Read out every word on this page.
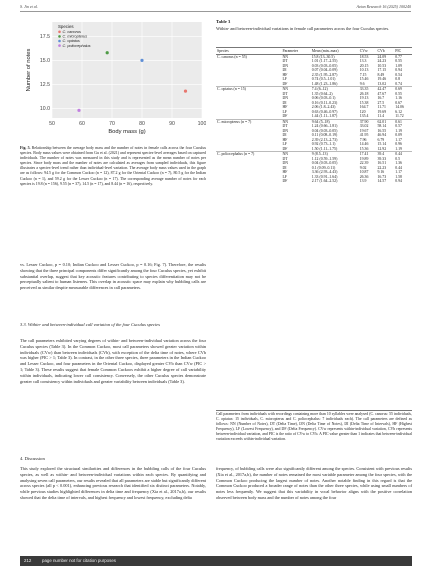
S. Jin et al.	Avian Research 16 (2025) 100240
50	60	70	80	90	100
10.0
12.5
15.0
17.5
Body mass (g)
Number of notes
Species
C. canorus
C. micropterus
C. optatus
C. poliocephalus
Fig. 5. Relationship between the average body mass and the number of notes in female calls across the four Cuculus species. Body mass values were obtained from Gu et al. (2021) and represent species-level averages based on captured individuals. The number of notes was measured in this study and is represented as the mean number of notes per species. Since body mass and the number of notes are calculated as averages from sampled individuals, this figure illustrates a species-level trend rather than individual-level variation. The average body mass values used in the graph are as follows: 94.5 g for the Common Cuckoo (n = 12), 87.2 g for the Oriental Cuckoo (n = 7), 80.5 g for the Indian Cuckoo (n = 1), and 59.2 g for the Lesser Cuckoo (n = 17). The corresponding average number of notes for each species is 19.8 (n = 156), 9.55 (n = 37), 14.5 (n = 17), and 8.44 (n = 16), respectively.
vs. Lesser Cuckoo, p = 0.10; Indian Cuckoo and Lesser Cuckoo, p = 0.16; Fig. 7). Therefore, the results showing that the three principal components differ significantly among the four Cuculus species, yet exhibit substantial overlap, suggest that key acoustic features contributing to species differentiation may not be perceptually salient to human listeners. This overlap in acoustic space may explain why bubbling calls are perceived as similar despite measurable differences in call parameters.
3.3. Within- and between-individual call variation of the four Cuculus species
The call parameters exhibited varying degrees of within- and between-individual variation across the four Cuculus species (Table 3). In the Common Cuckoo, most call parameters showed greater variation within individuals (CVw) than between individuals (CVb), with exception of the delta time of notes, where CVb was higher (PIC > 1; Table 3). In contrast, in the other three species, three parameters in the Indian Cuckoo and Lesser Cuckoo, and four parameters in the Oriental Cuckoo, displayed greater CVb than CVw (PIC > 1; Table 3). These results suggest that female Common Cuckoos exhibit a higher degree of call variability within individuals, indicating lower call consistency. Conversely, the other Cuculus species demonstrate greater call consistency within individuals and greater variability between individuals (Table 3).
4. Discussion
This study explored the structural similarities and differences in the bubbling calls of the four Cuculus species, as well as within- and between-individual variations within each species. By quantifying and analysing seven call parameters, our results revealed that all parameters are stable but significantly different across species (all p < 0.001), enhancing previous research that identified six distinct parameters. Notably, while previous studies highlighted differences in delta time and frequency (Xia et al., 2017a,b), our results showed that the delta time of intervals, and highest frequency and lowest frequency, excluding delta
Table 3
Within- and between-individual variations in female call parameters across the four Cuculus species.
Species	Parameter	Mean (min–max)	CVw	CVb	PIC
C. canorus (n = 55)	NN	15.8 (13–30.5)	18.53	24.09	0.77
	DT	1.01 (1.17–2.55)	13.3	24.23	0.55
	DN	0.03 (0.03–0.05)	20.15	10.53	1.09
	DI	0.07 (0.04–0.09)	10.13	17.15	0.94
	HF	2.35 (1.95–2.87)	7.15	8.49	0.54
	LF	0.74 (0.5–1.01)	15.46	19.46	0.8
	DF	1.48 (1.23–1.86)	9.6	13.02	0.74
C. optatus (n = 15)	NN	7.4 (6–12)	33.35	42.47	0.69
	DT	1.35 (0.64–2)	26.18	47.67	0.55
	DN	0.06 (0.03–0.1)	19.13	16.7	1.16
	DI	0.16 (0.11–0.23)	15.38	27.5	0.67
	HF	2.06 (1.8–2.43)	164.7	11.71	14.06
	LF	0.63 (0.46–0.97)	120	19.69	6.12
	DF	1.44 (1.11–1.87)	135.4	11.4	11.72
C. micropterus (n = 7)	NN	9.64 (5–18)	37.90	62.01	0.61
	DT	1.24 (0.66–1.81)	33.02	58.14	0.57
	DN	0.04 (0.03–0.05)	19.67	16.55	1.19
	DI	0.11 (0.08–0.19)	41.95	46.94	0.09
	HF	2.39 (2.13–2.73)	7.96	6.79	1.17
	LF	0.92 (0.73–1.1)	14.46	15.14	0.96
	DF	1.50 (1.11–1.75)	15.36	12.92	1.19
C. poliocephalus (n = 7)	NN	9 (8.5–13)	17.41	39.4	0.44
	DT	1.12 (0.59–1.59)	19.89	39.33	0.5
	DN	0.04 (0.03–0.05)	22.39	16.51	1.36
	DI	0.1 (0.09–0.11)	9.02	22.23	0.44
	HF	3.36 (2.93–4.43)	10.87	9.16	1.17
	LF	1.33 (0.91–1.64)	26.36	16.73	1.58
	DF	2.17 (1.64–2.52)	13.9	14.57	0.94
Call parameters from individuals with recordings containing more than 10 syllables were analysed (C. canorus: 55 individuals, C. optatus: 15 individuals, C. micropterus and C. poliocephalus: 7 individuals each). The call parameters are defined as follows: NN (Number of Notes), DT (Delta Time), DN (Delta Time of Notes), DI (Delta Time of Intervals), HF (Highest Frequency), LF (Lowest Frequency), and DF (Delta Frequency). CVw represents within-individual variation, CVb represents between-individual variation, and PIC is the ratio of CVw to CVb. A PIC value greater than 1 indicates that between-individual variation exceeds within-individual variation.
frequency, of bubbling calls were also significantly different among the species. Consistent with previous results (Xia et al., 2017a,b), the number of notes remained the most variable parameter among the four species, with the Common Cuckoo producing the largest number of notes. Another notable finding in this regard is that the Common Cuckoo produced a broader range of notes than the other three species, while using small numbers of notes less frequently. We suggest that this variability in vocal behavior aligns with the positive correlation observed between body mass and the number of notes among the four
212 page number not for citation purposes
